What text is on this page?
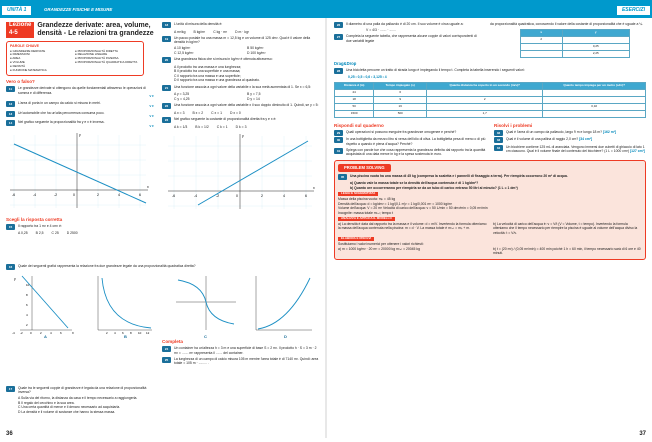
UNITÀ 1	GRANDEZZE FISICHE E MISURE	ESERCIZI
36	37
Lezione 4-5
Grandezze derivate: area, volume, densità - Le relazioni tra grandezze
PAROLE CHIAVE
● GRANDEZZE DERIVATE	● PROPORZIONALITÀ DIRETTA
● DIMENSIONI	● RELAZIONE LINEARE
● AREA	● PROPORZIONALITÀ INVERSA
● VOLUME	● PROPORZIONALITÀ QUADRATICA DIRETTA
● DENSITÀ
● FUNZIONE MATEMATICA
Vero o falso?
11	Le grandezze derivate si ottengono da quelle fondamentali attraverso le operazioni di somma e di differenza.
V F
12	L'area di porta in un campo da calcio si misura in metri.
V F
13	Un'automobile che ha un'alta percorrenza consuma poco.
V F
14	Nel grafico seguente la proporzionalità fra y e x è inversa.
V F
-6	-4	-2	0	2	4	6
x
y
Scegli la risposta corretta
15	Il rapporto tra 1 m² e 4 cm² è:
A 0,25 B 2,5 C 25 D 2500
16	Quale dei seguenti grafici rappresenta la relazione fra due grandezze legate da una proporzionalità quadratica diretta?
y
x
-4 -2 0	2	4	6
10
8
6
4
2
2 4 6 8 10 12
A	B	C	D
17	Quale tra le seguenti coppie di grandezze è legata da una relazione di proporzionalità inversa?
A Sulla via del ritorno, la distanza da casa e il tempo necessario a raggiungerla.
B Il regalo del cecchino e la sua area.
C Una certa quantità di merce e il denaro necessario ad acquistarla.
D La densità e il volume di sostanze che hanno la stessa massa.
18	L'unità di misura della densità è:
A m³/kg B kg/m³ C kg · m³ D m · kg³
19	Un pacco postale ha una massa m = 12,5 kg e un volume di 125 dm³. Qual è il valore della densità in kg/m³?
A 10 kg/m³	B 50 kg/m³
C 12,5 kg/m³	D 100 kg/m³
20	Una grandezza fisica che si misura in kg/m³ è ottenuta attraverso:
A il prodotto tra una massa e una lunghezza;
B il prodotto tra una superficie e una massa;
C il rapporto tra una massa e una superficie;
D il rapporto tra una massa e una grandezza al quadrato.
21	Una funzione associa a ogni valore della variabile x la sua metà aumentata di 1. Se x = 6,5:
A y = 3,25	B y = 7,5
C y = 4,25	D y = 14
22	Una funzione associa a ogni valore della variabile x il suo doppio diminuito di 1. Quindi, se y = 5:
A x = 3 B x = 2 C x = 1 D x = 0
23	Nel grafico seguente la costante di proporzionalità diretta fra y e x è:
A k = 1/3 B k = 1/2 C k = 1 D k = 3
-6	-4	-2	0	2	4	6
x
y
Completa
24	Un container ha un'altezza h = 3 m e una superficie di base S = 2 m². Il prodotto h · S = 3 m · 2 m² = ....... m³ rappresenta il ....... del container.
25	La lunghezza di un campo di calcio misura 105 m mentre l'area totale è di 7140 m². Quindi: area totale = 105 m · ......... .
26	Il diametro di una palla da pallavolo è di 20 cm. Il suo volume è circa uguale a:
V = 4/3 · ....... · .......
27	Completa la seguente tabella, che rappresenta alcune coppie di valori corrispondenti di due variabili legate
da proporzionalità quadratica, conoscendo il valore della costante di proporzionalità che è uguale a ¼.
x	y
2	
	0,25
	2,25
Drag&Drop
28	Una bicicletta percorre un tratto di strada lungo è impiegando il tempo t. Completa la tabella inserendo i seguenti valori:
0,25 • 0,5 • 0,6 • 3,125 • 4
Distanza d (m)	Tempo impiegato (s)	Quanta distanza ha coperto in un secondo (m/s)?	Quanto tempo impiega per un metro (s/m)?
24	6		
18	9	2	
50	16		0,32
1500	500	1,7	
Rispondi sul quaderno
29	Quali operazioni si possono eseguire fra grandezze omogenee e perché?
30	In una bottiglietta da mezzo litro si versa dell'olio di oliva. La bottiglietta pesa di meno o di più rispetto a quando è piena d'acqua? Perché?
31	Spiega con parole tue che cosa rappresenta la grandezza definita dal rapporto tra la quantità acquistata di una data merce in kg e la spesa sostenuta in euro.
Risolvi i problemi
32	Qual è l'area di un campo da pallavolo, largo 9 m e lungo 18 m? [162 m²]
33	Qual è il volume di una pallina di raggio 2,0 cm? [34 cm³]
34	Un bicchiere contiene 125 mL di aranciata. Vengono immersi due cubetti di ghiaccio di lato 1 cm ciascuno. Qual è il volume finale del contenuto del bicchiere? (1 L = 1000 cm³) [127 cm³]
PROBLEM SOLVING
35	Una piscina vuota ha una massa di 45 kg (compresa la scaletta e i pannelli di fissaggio a terra). Per riempirla occorrono 20 m³ di acqua.
a) Quanto vale la massa totale se la densità dell'acqua contenuta è di 1 kg/dm³?
b) Quanto ore occorreranno per riempirla se da un tubo di carico entrano 50 litri al minuto? (1 L = 1 dm³)
LEGGI E SCHEMATIZZA
Massa della piscina vuota: mₚ = 45 kg
Densità dell'acqua: d = kg/dm³ = 1 kg/(0,1 m)³ = 1 kg/0,001 m³ = 1000 kg/m³
Volume dell'acqua: V = 20 m³ Velocità di carico dell'acqua: v = 50 L/min = 50 dm³/min = 0,05 m³/min
Incognite: massa totale mₜₒₜ; tempo t
ANALIZZA E APPLICA IL MODELLO
a) La densità è data dal rapporto tra la massa e il volume: d = m/V. Invertendo la formula otteniamo la massa dell'acqua contenuta nella piscina: m = d · V. La massa totale è mₜₒₜ = mₚ + m.
b) La velocità di carico dell'acqua è: v = V/t (V = Volume, t = tempo). Invertendo la formula otteniamo che il tempo necessario per riempire la piscina è uguale al volume dell'acqua diviso la velocità: t = V/v.
ELABORA E RISOLVI
Sostituiamo i valori numerici per ottenere i valori richiesti:
a) m = 1000 kg/m³ · 20 m³ = 20000 kg mₜₒₜ = 20045 kg	b) t = (20 m³) / (0,05 m³/min) = 400 min poiché 1 h = 60 min, il tempo necessario sarà di 6 ore e 40 minuti.
